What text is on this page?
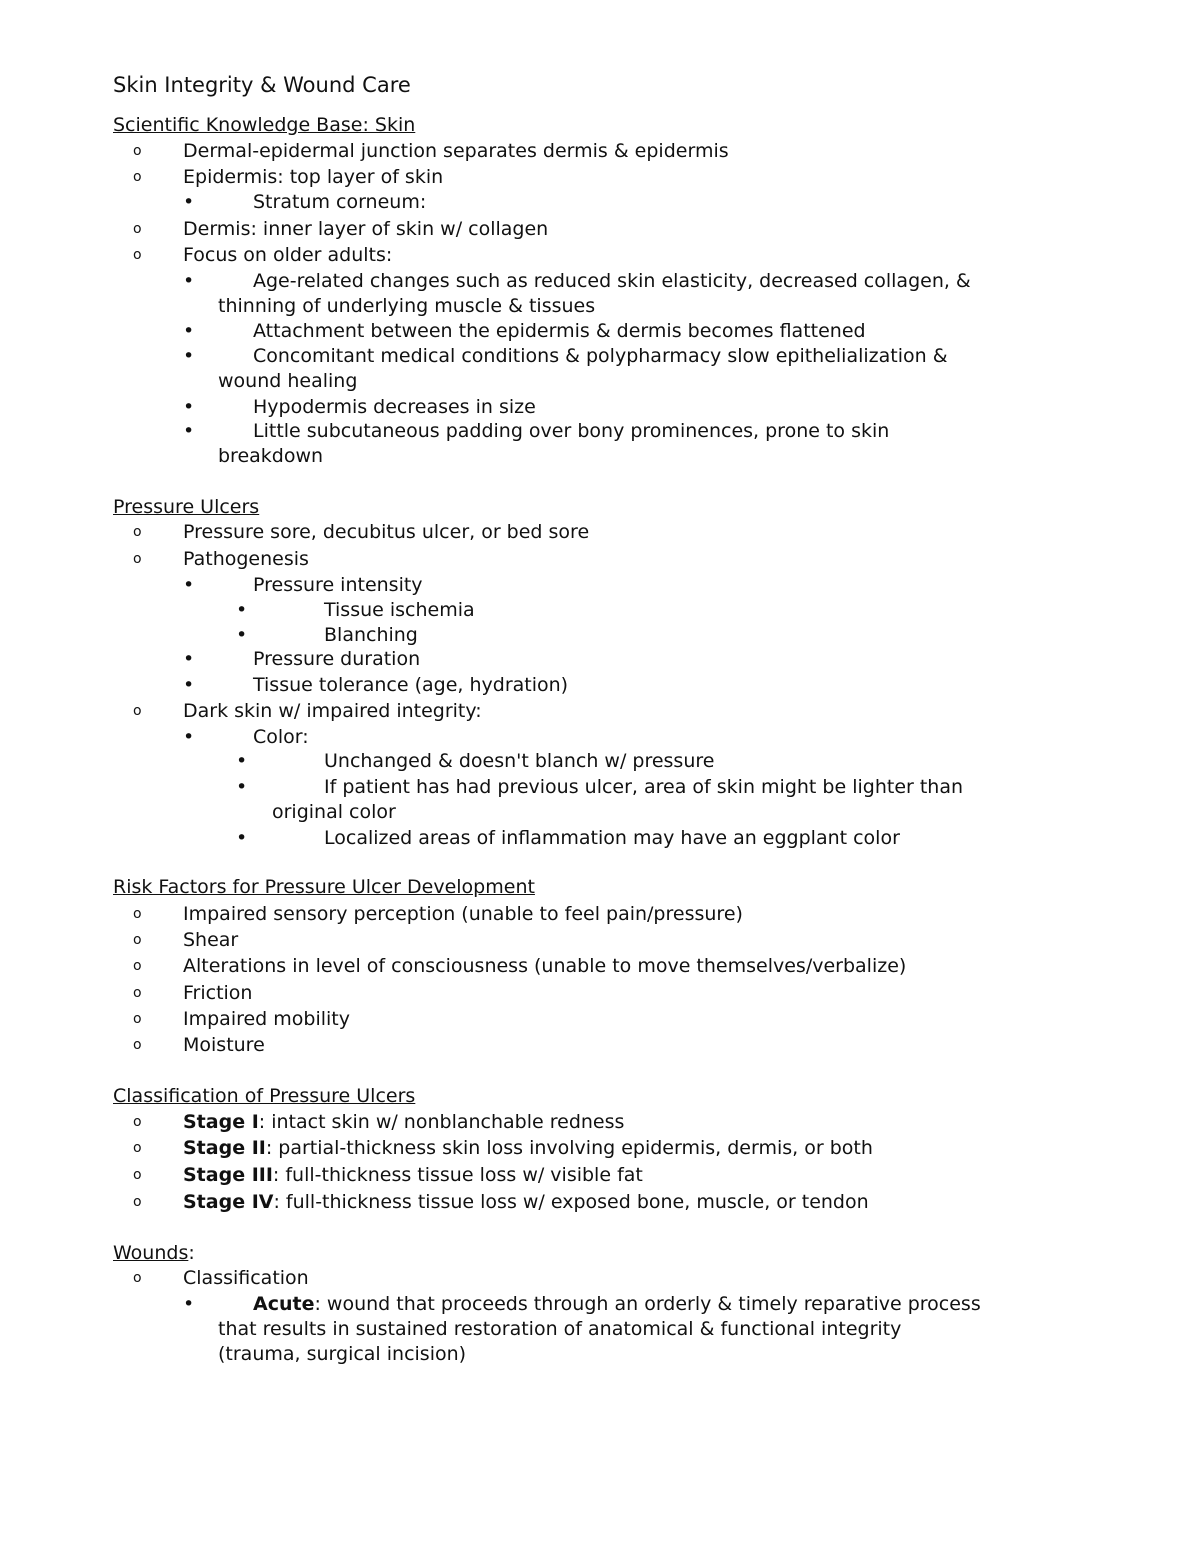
Skin Integrity & Wound Care
Scientific Knowledge Base: Skin
o Dermal-epidermal junction separates dermis & epidermis
o Epidermis: top layer of skin
•	Stratum corneum:
o Dermis: inner layer of skin w/ collagen
o Focus on older adults:
•	Age-related changes such as reduced skin elasticity, decreased collagen, &
thinning of underlying muscle & tissues
•	Attachment between the epidermis & dermis becomes flattened
•	Concomitant medical conditions & polypharmacy slow epithelialization &
wound healing
•	Hypodermis decreases in size
•	Little subcutaneous padding over bony prominences, prone to skin
breakdown
Pressure Ulcers
o Pressure sore, decubitus ulcer, or bed sore
o Pathogenesis
•	Pressure intensity
•	Tissue ischemia
•	Blanching
•	Pressure duration
•	Tissue tolerance (age, hydration)
o Dark skin w/ impaired integrity:
•	Color:
•	Unchanged & doesn't blanch w/ pressure
•	If patient has had previous ulcer, area of skin might be lighter than
original color
•	Localized areas of inflammation may have an eggplant color
Risk Factors for Pressure Ulcer Development
o Impaired sensory perception (unable to feel pain/pressure)
o Shear
o Alterations in level of consciousness (unable to move themselves/verbalize)
o Friction
o Impaired mobility
o Moisture
Classification of Pressure Ulcers
o Stage I: intact skin w/ nonblanchable redness
o Stage II: partial-thickness skin loss involving epidermis, dermis, or both
o Stage III: full-thickness tissue loss w/ visible fat
o Stage IV: full-thickness tissue loss w/ exposed bone, muscle, or tendon
Wounds:
o Classification
•	Acute: wound that proceeds through an orderly & timely reparative process
that results in sustained restoration of anatomical & functional integrity
(trauma, surgical incision)
